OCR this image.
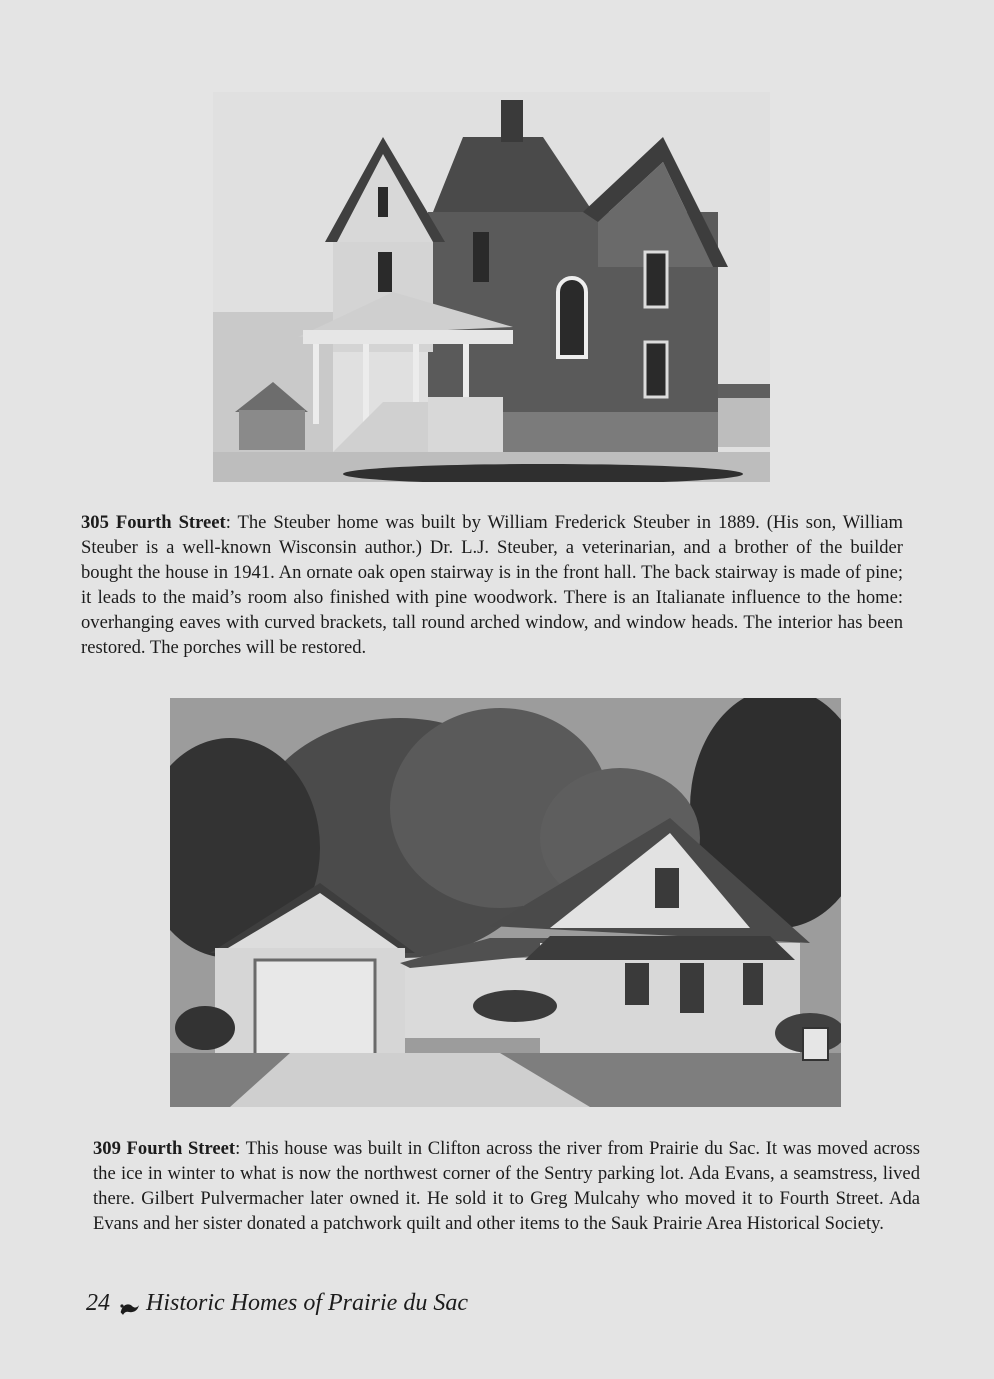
305 Fourth Street: The Steuber home was built by William Frederick Steuber in 1889. (His son, William Steuber is a well-known Wisconsin author.) Dr. L.J. Steuber, a veterinarian, and a brother of the builder bought the house in 1941. An ornate oak open stairway is in the front hall. The back stairway is made of pine; it leads to the maid’s room also finished with pine woodwork. There is an Italianate influence to the home: overhanging eaves with curved brackets, tall round arched window, and window heads. The interior has been restored. The porches will be restored.

309 Fourth Street: This house was built in Clifton across the river from Prairie du Sac. It was moved across the ice in winter to what is now the northwest corner of the Sentry parking lot. Ada Evans, a seamstress, lived there. Gilbert Pulvermacher later owned it. He sold it to Greg Mulcahy who moved it to Fourth Street. Ada Evans and her sister donated a patchwork quilt and other items to the Sauk Prairie Area Historical Society.

24 Historic Homes of Prairie du Sac
